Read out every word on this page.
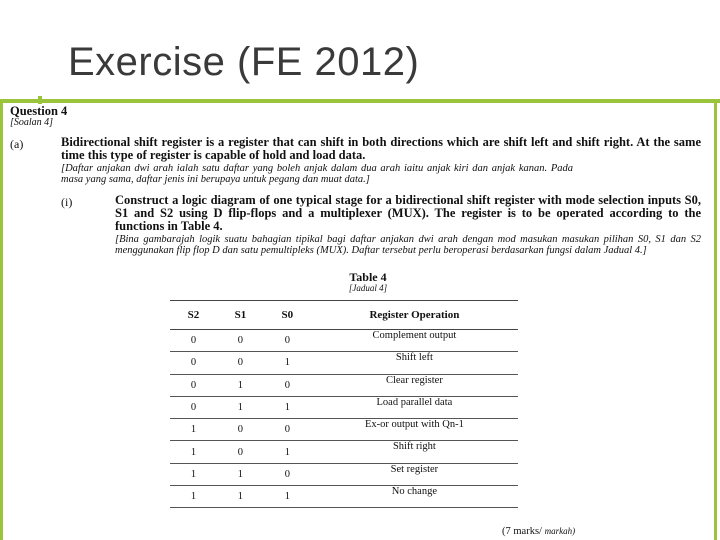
Exercise (FE 2012)
Question 4
[Soalan 4]
(a)	Bidirectional shift register is a register that can shift in both directions which are shift left and shift right. At the same time this type of register is capable of hold and load data.
[Daftar anjakan dwi arah ialah satu daftar yang boleh anjak dalam dua arah iaitu anjak kiri dan anjak kanan. Pada masa yang sama, daftar jenis ini berupaya untuk pegang dan muat data.]
(i)	Construct a logic diagram of one typical stage for a bidirectional shift register with mode selection inputs S0, S1 and S2 using D flip-flops and a multiplexer (MUX). The register is to be operated according to the functions in Table 4.
[Bina gambarajah logik suatu bahagian tipikal bagi daftar anjakan dwi arah dengan mod masukan masukan pilihan S0, S1 dan S2 menggunakan flip flop D dan satu pemultipleks (MUX). Daftar tersebut perlu beroperasi berdasarkan fungsi dalam Jadual 4.]
Table 4
[Jadual 4]
S2	S1	S0	Register Operation
0	0	0	Complement output
0	0	1	Shift left
0	1	0	Clear register
0	1	1	Load parallel data
1	0	0	Ex-or output with Qn-1
1	0	1	Shift right
1	1	0	Set register
1	1	1	No change
(7 marks/ markah)
